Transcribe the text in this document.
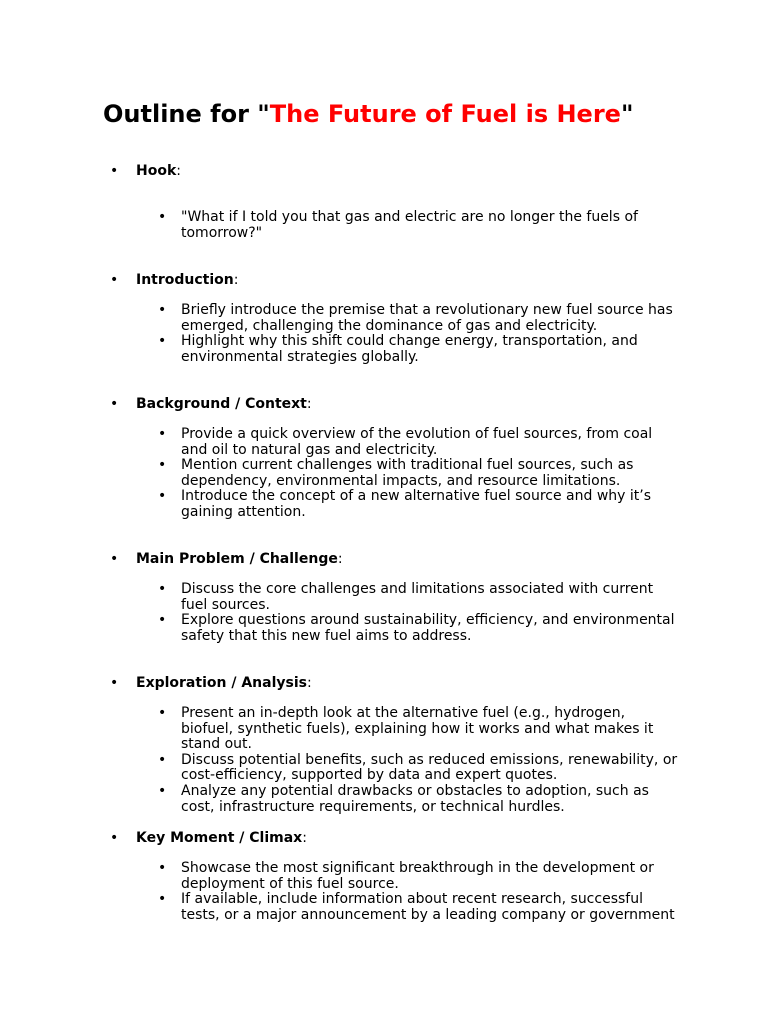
Outline for "The Future of Fuel is Here"
• Hook:
• "What if I told you that gas and electric are no longer the fuels of tomorrow?"
• Introduction:
• Briefly introduce the premise that a revolutionary new fuel source has emerged, challenging the dominance of gas and electricity.
• Highlight why this shift could change energy, transportation, and environmental strategies globally.
• Background / Context:
• Provide a quick overview of the evolution of fuel sources, from coal and oil to natural gas and electricity.
• Mention current challenges with traditional fuel sources, such as dependency, environmental impacts, and resource limitations.
• Introduce the concept of a new alternative fuel source and why it’s gaining attention.
• Main Problem / Challenge:
• Discuss the core challenges and limitations associated with current fuel sources.
• Explore questions around sustainability, efficiency, and environmental safety that this new fuel aims to address.
• Exploration / Analysis:
• Present an in-depth look at the alternative fuel (e.g., hydrogen, biofuel, synthetic fuels), explaining how it works and what makes it stand out.
• Discuss potential benefits, such as reduced emissions, renewability, or cost-efficiency, supported by data and expert quotes.
• Analyze any potential drawbacks or obstacles to adoption, such as cost, infrastructure requirements, or technical hurdles.
• Key Moment / Climax:
• Showcase the most significant breakthrough in the development or deployment of this fuel source.
• If available, include information about recent research, successful tests, or a major announcement by a leading company or government
